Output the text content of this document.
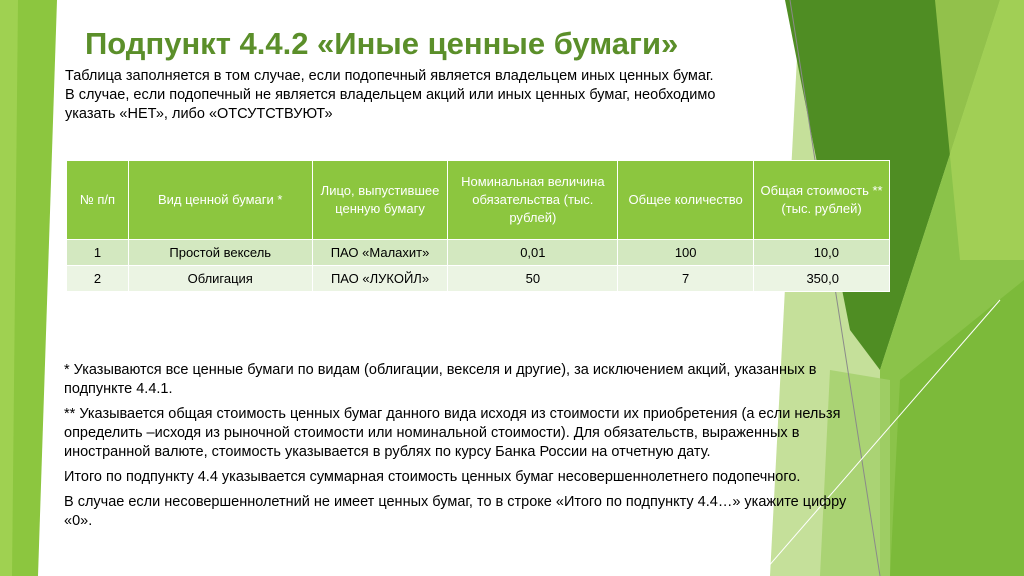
Подпункт 4.4.2 «Иные ценные бумаги»

Таблица заполняется в том случае, если подопечный является владельцем иных ценных бумаг.

В случае, если подопечный не является владельцем акций или иных ценных бумаг, необходимо указать «НЕТ», либо «ОТСУТСТВУЮТ»

№ п/п	Вид ценной бумаги *	Лицо, выпустившее ценную бумагу	Номинальная величина обязательства (тыс. рублей)	Общее количество	Общая стоимость ** (тыс. рублей)
1	Простой вексель	ПАО «Малахит»	0,01	100	10,0
2	Облигация	ПАО «ЛУКОЙЛ»	50	7	350,0

* Указываются все ценные бумаги по видам (облигации, векселя и другие), за исключением акций, указанных в подпункте 4.4.1.

** Указывается общая стоимость ценных бумаг данного вида исходя из стоимости их приобретения (а если нельзя определить –исходя из рыночной стоимости или номинальной стоимости). Для обязательств, выраженных в иностранной валюте, стоимость указывается в рублях по курсу Банка России на отчетную дату.

Итого по подпункту 4.4 указывается суммарная стоимость ценных бумаг несовершеннолетнего подопечного.

В случае если несовершеннолетний не имеет ценных бумаг, то в строке «Итого по подпункту 4.4…» укажите цифру «0».
